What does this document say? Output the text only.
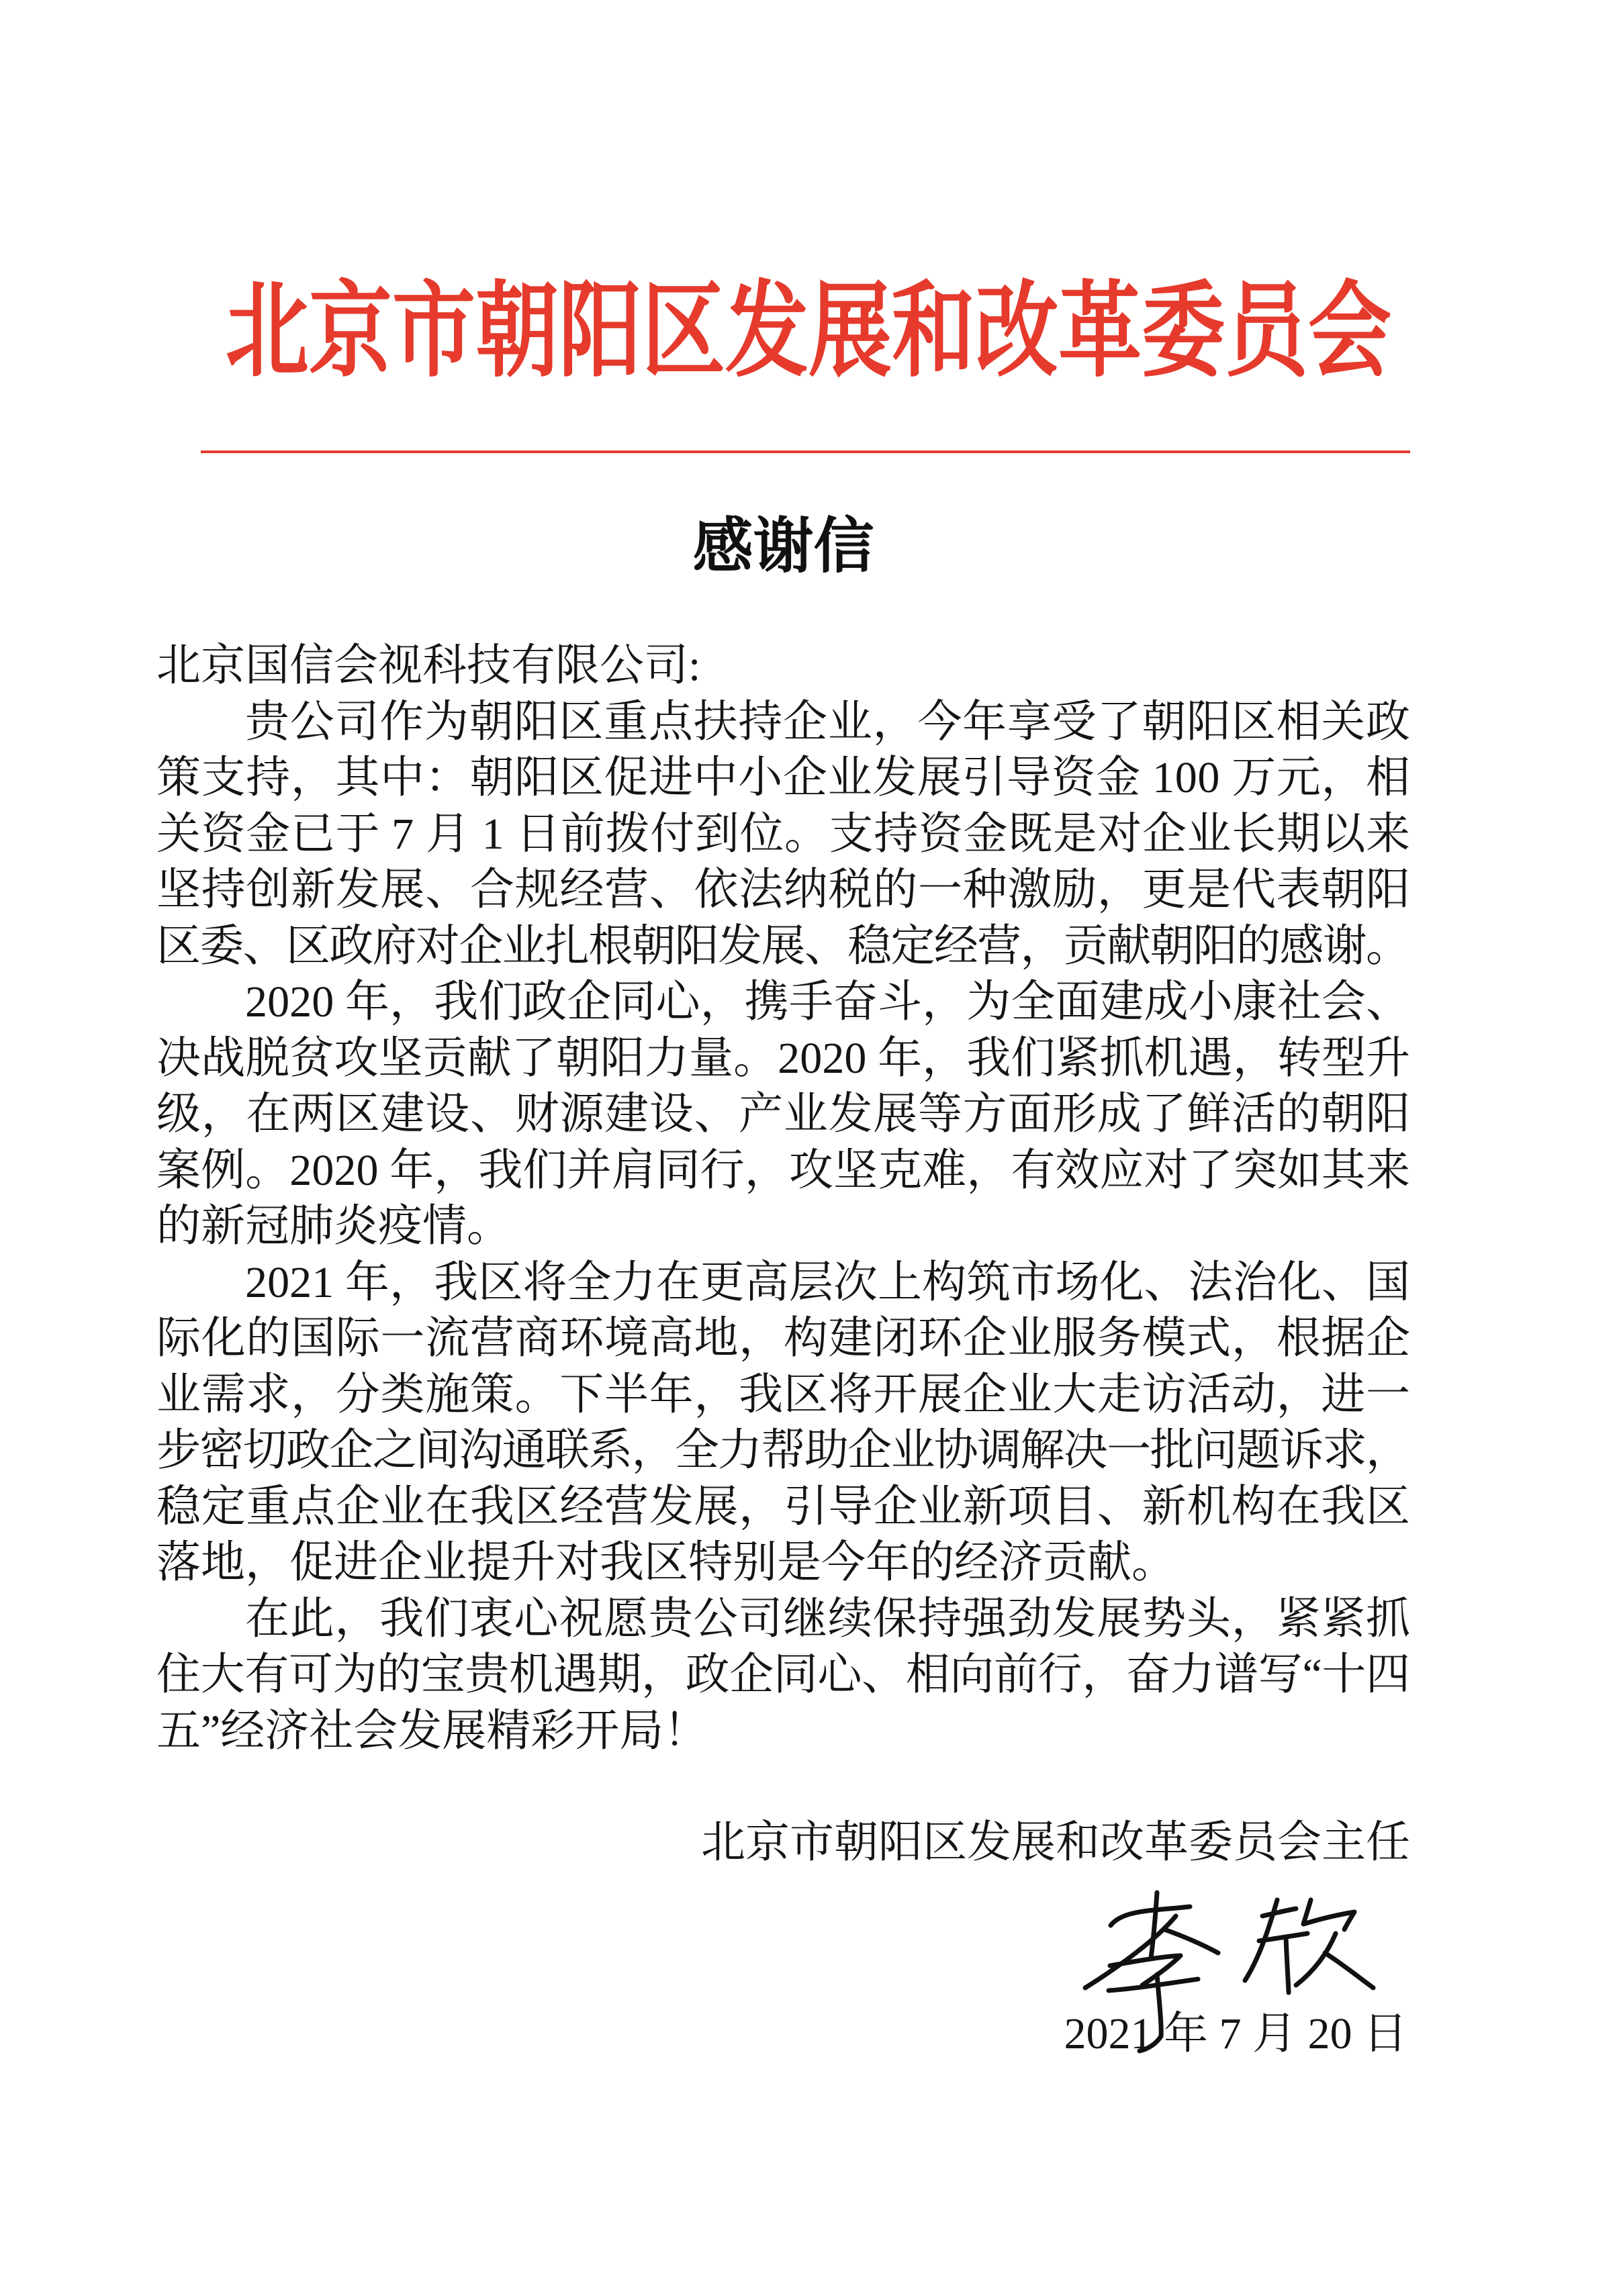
北京市朝阳区发展和改革委员会
感谢信
北京国信会视科技有限公司:
贵公司作为朝阳区重点扶持企业，今年享受了朝阳区相关政
策支持，其中：朝阳区促进中小企业发展引导资金 100 万元，相
关资金已于 7 月 1 日前拨付到位。支持资金既是对企业长期以来
坚持创新发展、合规经营、依法纳税的一种激励，更是代表朝阳
区委、区政府对企业扎根朝阳发展、稳定经营，贡献朝阳的感谢。
2020 年，我们政企同心，携手奋斗，为全面建成小康社会、
决战脱贫攻坚贡献了朝阳力量。2020 年，我们紧抓机遇，转型升
级，在两区建设、财源建设、产业发展等方面形成了鲜活的朝阳
案例。2020 年，我们并肩同行，攻坚克难，有效应对了突如其来
的新冠肺炎疫情。
2021 年，我区将全力在更高层次上构筑市场化、法治化、国
际化的国际一流营商环境高地，构建闭环企业服务模式，根据企
业需求，分类施策。下半年，我区将开展企业大走访活动，进一
步密切政企之间沟通联系，全力帮助企业协调解决一批问题诉求，
稳定重点企业在我区经营发展，引导企业新项目、新机构在我区
落地，促进企业提升对我区特别是今年的经济贡献。
在此，我们衷心祝愿贵公司继续保持强劲发展势头，紧紧抓
住大有可为的宝贵机遇期，政企同心、相向前行，奋力谱写“十四
五”经济社会发展精彩开局！
北京市朝阳区发展和改革委员会主任
2021 年 7 月 20 日
